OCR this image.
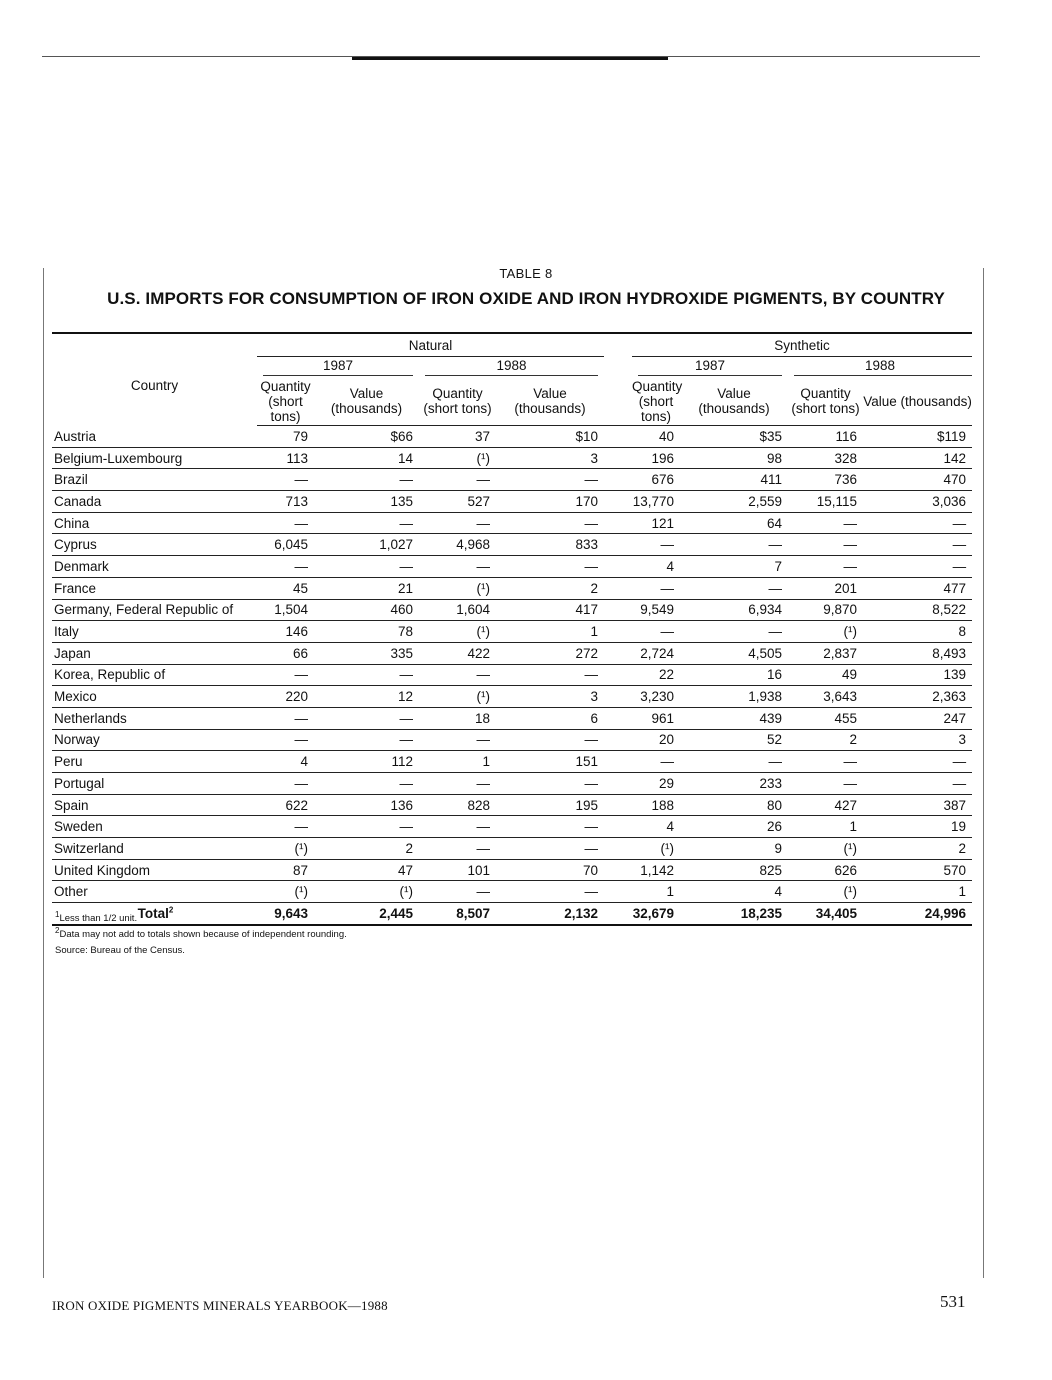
TABLE 8
U.S. IMPORTS FOR CONSUMPTION OF IRON OXIDE AND IRON HYDROXIDE PIGMENTS, BY COUNTRY
Country	Natural				Synthetic			

	1987		1988		1987		1988	

	Quantity (short tons)	Value (thousands)	Quantity (short tons)	Value (thousands)	Quantity (short tons)	Value (thousands)	Quantity (short tons)	Value (thousands)
Austria	79	$66	37	$10	40	$35	116	$119
Belgium-Luxembourg	113	14	(¹)	3	196	98	328	142
Brazil	—	—	—	—	676	411	736	470
Canada	713	135	527	170	13,770	2,559	15,115	3,036
China	—	—	—	—	121	64	—	—
Cyprus	6,045	1,027	4,968	833	—	—	—	—
Denmark	—	—	—	—	4	7	—	—
France	45	21	(¹)	2	—	—	201	477
Germany, Federal Republic of	1,504	460	1,604	417	9,549	6,934	9,870	8,522
Italy	146	78	(¹)	1	—	—	(¹)	8
Japan	66	335	422	272	2,724	4,505	2,837	8,493
Korea, Republic of	—	—	—	—	22	16	49	139
Mexico	220	12	(¹)	3	3,230	1,938	3,643	2,363
Netherlands	—	—	18	6	961	439	455	247
Norway	—	—	—	—	20	52	2	3
Peru	4	112	1	151	—	—	—	—
Portugal	—	—	—	—	29	233	—	—
Spain	622	136	828	195	188	80	427	387
Sweden	—	—	—	—	4	26	1	19
Switzerland	(¹)	2	—	—	(¹)	9	(¹)	2
United Kingdom	87	47	101	70	1,142	825	626	570
Other	(¹)	(¹)	—	—	1	4	(¹)	1
Total$^2$	9,643	2,445	8,507	2,132	32,679	18,235	34,405	24,996
$^1$Less than 1/2 unit.
$^2$Data may not add to totals shown because of independent rounding.
Source: Bureau of the Census.
IRON OXIDE PIGMENTS MINERALS YEARBOOK—1988	531
